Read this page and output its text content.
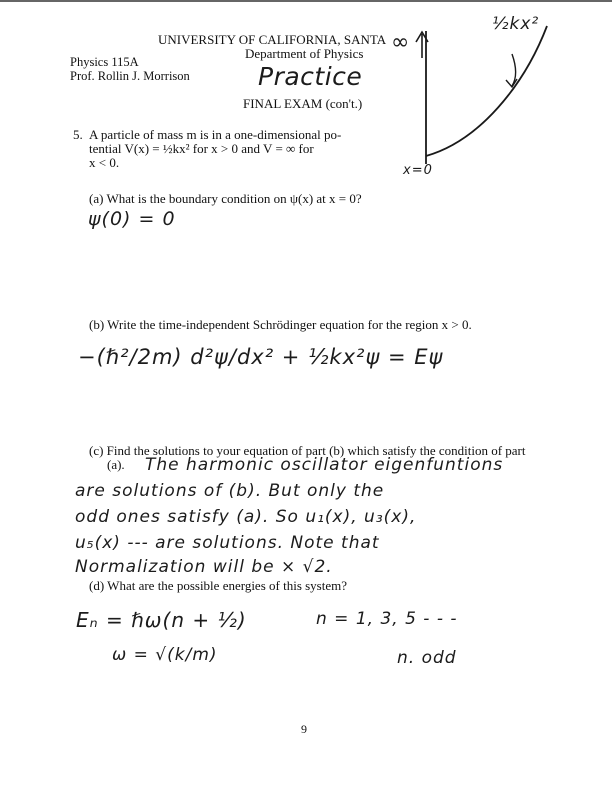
UNIVERSITY OF CALIFORNIA, SANTA
Department of Physics
Physics 115A
Prof. Rollin J. Morrison	Practice
FINAL EXAM (con't.)
∞
½kx²
x=0
5. A particle of mass m is in a one-dimensional po-
tential V(x) = ½kx² for x > 0 and V = ∞ for
x < 0.
(a) What is the boundary condition on ψ(x) at x = 0?
ψ(0) = 0
(b) Write the time-independent Schrödinger equation for the region x > 0.
−(ℏ²/2m) d²ψ/dx² + ½kx²ψ = Eψ
(c) Find the solutions to your equation of part (b) which satisfy the condition of part
(a). The harmonic oscillator eigenfuntions
are solutions of (b). But only the
odd ones satisfy (a). So u₁(x), u₃(x),
u₅(x) --- are solutions. Note that
Normalization will be × √2.
(d) What are the possible energies of this system?
Eₙ = ℏω(n + ½)	n = 1, 3, 5 - - -
ω = √(k/m)	n. odd
9
